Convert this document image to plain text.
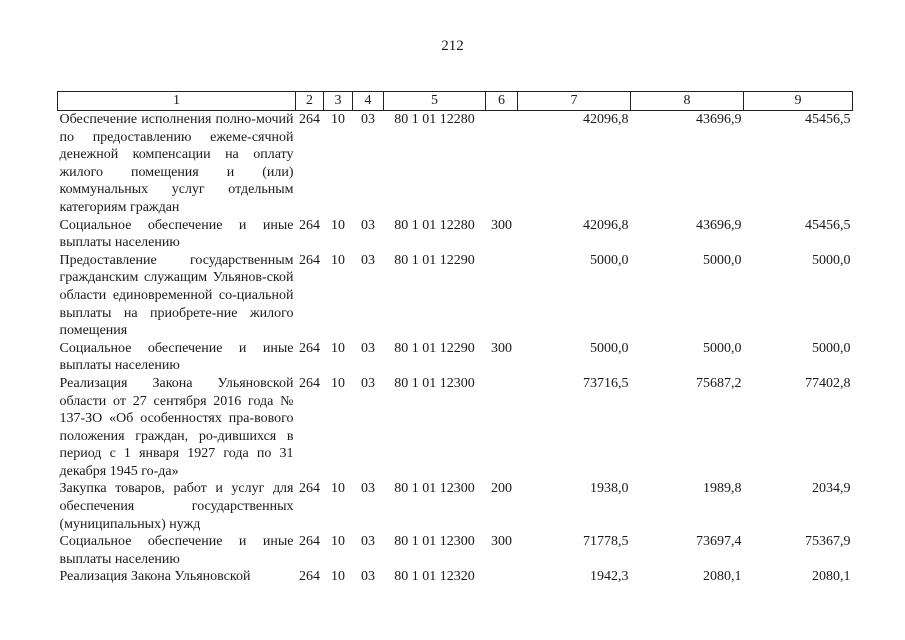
212
1	2	3	4	5	6	7	8	9
Обеспечение исполнения полно-мочий по предоставлению ежеме-сячной денежной компенсации на оплату жилого помещения и (или) коммунальных услуг отдельным категориям граждан	264	10	03	80 1 01 12280		42096,8	43696,9	45456,5
Социальное обеспечение и иные выплаты населению	264	10	03	80 1 01 12280	300	42096,8	43696,9	45456,5
Предоставление государственным гражданским служащим Ульянов-ской области единовременной со-циальной выплаты на приобрете-ние жилого помещения	264	10	03	80 1 01 12290		5000,0	5000,0	5000,0
Социальное обеспечение и иные выплаты населению	264	10	03	80 1 01 12290	300	5000,0	5000,0	5000,0
Реализация Закона Ульяновской области от 27 сентября 2016 года № 137-ЗО «Об особенностях пра-вового положения граждан, ро-дившихся в период с 1 января 1927 года по 31 декабря 1945 го-да»	264	10	03	80 1 01 12300		73716,5	75687,2	77402,8
Закупка товаров, работ и услуг для обеспечения государственных (муниципальных) нужд	264	10	03	80 1 01 12300	200	1938,0	1989,8	2034,9
Социальное обеспечение и иные выплаты населению	264	10	03	80 1 01 12300	300	71778,5	73697,4	75367,9
Реализация Закона Ульяновской	264	10	03	80 1 01 12320		1942,3	2080,1	2080,1
